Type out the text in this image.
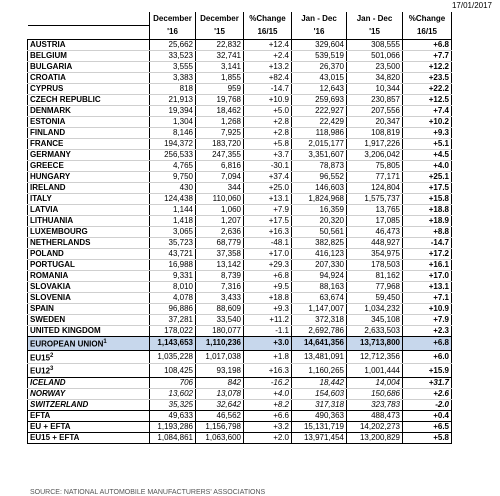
17/01/2017
	December	December	%Change	Jan - Dec	Jan - Dec	%Change
	'16	'15	16/15	'16	'15	16/15
AUSTRIA	25,662	22,832	+12.4	329,604	308,555	+6.8
BELGIUM	33,523	32,741	+2.4	539,519	501,066	+7.7
BULGARIA	3,555	3,141	+13.2	26,370	23,500	+12.2
CROATIA	3,383	1,855	+82.4	43,015	34,820	+23.5
CYPRUS	818	959	-14.7	12,643	10,344	+22.2
CZECH REPUBLIC	21,913	19,768	+10.9	259,693	230,857	+12.5
DENMARK	19,394	18,462	+5.0	222,927	207,556	+7.4
ESTONIA	1,304	1,268	+2.8	22,429	20,347	+10.2
FINLAND	8,146	7,925	+2.8	118,986	108,819	+9.3
FRANCE	194,372	183,720	+5.8	2,015,177	1,917,226	+5.1
GERMANY	256,533	247,355	+3.7	3,351,607	3,206,042	+4.5
GREECE	4,765	6,816	-30.1	78,873	75,805	+4.0
HUNGARY	9,750	7,094	+37.4	96,552	77,171	+25.1
IRELAND	430	344	+25.0	146,603	124,804	+17.5
ITALY	124,438	110,060	+13.1	1,824,968	1,575,737	+15.8
LATVIA	1,144	1,060	+7.9	16,359	13,765	+18.8
LITHUANIA	1,418	1,207	+17.5	20,320	17,085	+18.9
LUXEMBOURG	3,065	2,636	+16.3	50,561	46,473	+8.8
NETHERLANDS	35,723	68,779	-48.1	382,825	448,927	-14.7
POLAND	43,721	37,358	+17.0	416,123	354,975	+17.2
PORTUGAL	16,988	13,142	+29.3	207,330	178,503	+16.1
ROMANIA	9,331	8,739	+6.8	94,924	81,162	+17.0
SLOVAKIA	8,010	7,316	+9.5	88,163	77,968	+13.1
SLOVENIA	4,078	3,433	+18.8	63,674	59,450	+7.1
SPAIN	96,886	88,609	+9.3	1,147,007	1,034,232	+10.9
SWEDEN	37,281	33,540	+11.2	372,318	345,108	+7.9
UNITED KINGDOM	178,022	180,077	-1.1	2,692,786	2,633,503	+2.3
EUROPEAN UNION$^1$	1,143,653	1,110,236	+3.0	14,641,356	13,713,800	+6.8
$EU15^2$	1,035,228	1,017,038	+1.8	13,481,091	12,712,356	+6.0
$EU12^3$	108,425	93,198	+16.3	1,160,265	1,001,444	+15.9
ICELAND	706	842	-16.2	18,442	14,004	+31.7
NORWAY	13,602	13,078	+4.0	154,603	150,686	+2.6
SWITZERLAND	35,325	32,642	+8.2	317,318	323,783	-2.0
EFTA	49,633	46,562	+6.6	490,363	488,473	+0.4
EU + EFTA	1,193,286	1,156,798	+3.2	15,131,719	14,202,273	+6.5
EU15 + EFTA	1,084,861	1,063,600	+2.0	13,971,454	13,200,829	+5.8
SOURCE: NATIONAL AUTOMOBILE MANUFACTURERS' ASSOCIATIONS
